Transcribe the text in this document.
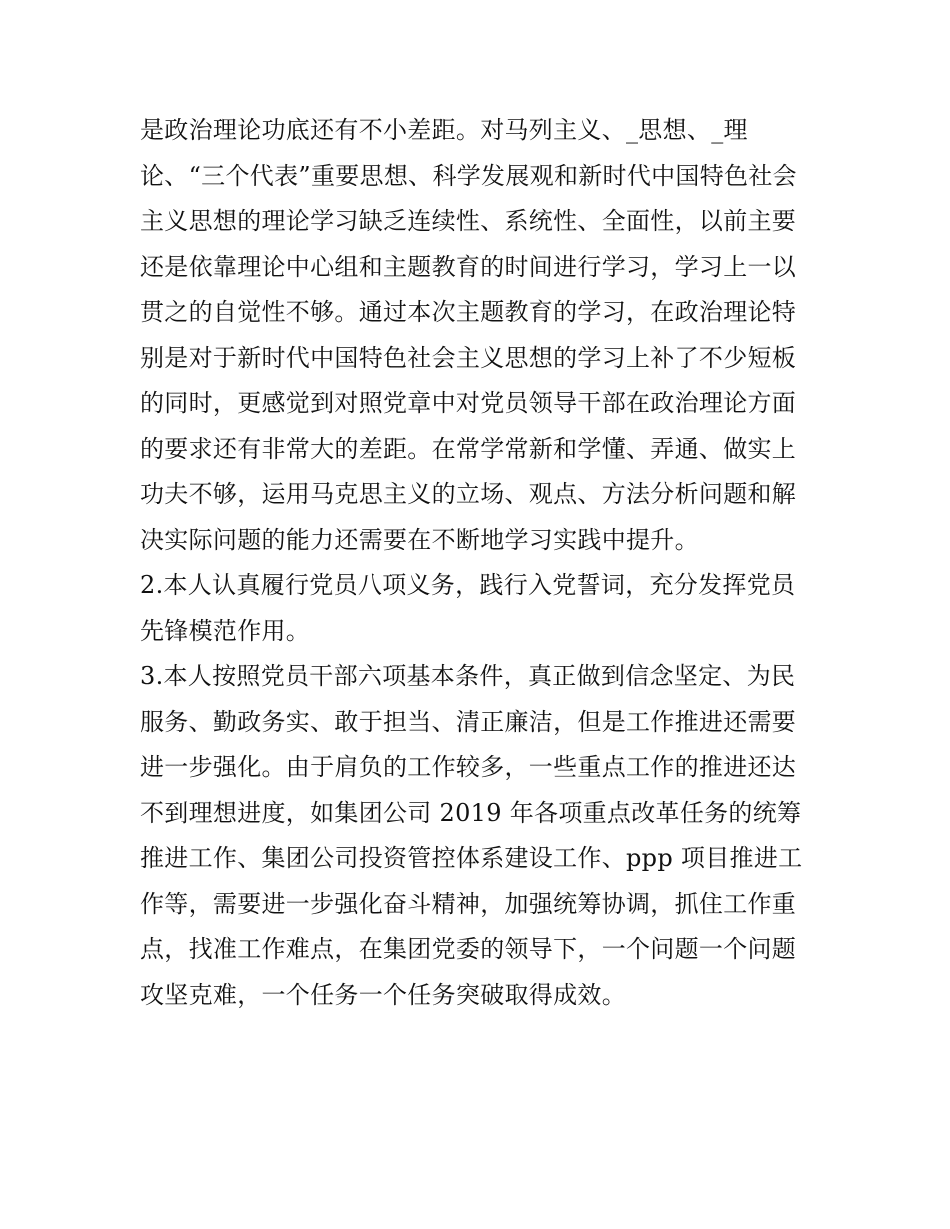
是政治理论功底还有不小差距。对马列主义、_思想、_理
论、“三个代表”重要思想、科学发展观和新时代中国特色社会
主义思想的理论学习缺乏连续性、系统性、全面性，以前主要
还是依靠理论中心组和主题教育的时间进行学习，学习上一以
贯之的自觉性不够。通过本次主题教育的学习，在政治理论特
别是对于新时代中国特色社会主义思想的学习上补了不少短板
的同时，更感觉到对照党章中对党员领导干部在政治理论方面
的要求还有非常大的差距。在常学常新和学懂、弄通、做实上
功夫不够，运用马克思主义的立场、观点、方法分析问题和解
决实际问题的能力还需要在不断地学习实践中提升。
2.本人认真履行党员八项义务，践行入党誓词，充分发挥党员
先锋模范作用。
3.本人按照党员干部六项基本条件，真正做到信念坚定、为民
服务、勤政务实、敢于担当、清正廉洁，但是工作推进还需要
进一步强化。由于肩负的工作较多，一些重点工作的推进还达
不到理想进度，如集团公司 2019 年各项重点改革任务的统筹
推进工作、集团公司投资管控体系建设工作、ppp 项目推进工
作等，需要进一步强化奋斗精神，加强统筹协调，抓住工作重
点，找准工作难点，在集团党委的领导下，一个问题一个问题
攻坚克难，一个任务一个任务突破取得成效。
